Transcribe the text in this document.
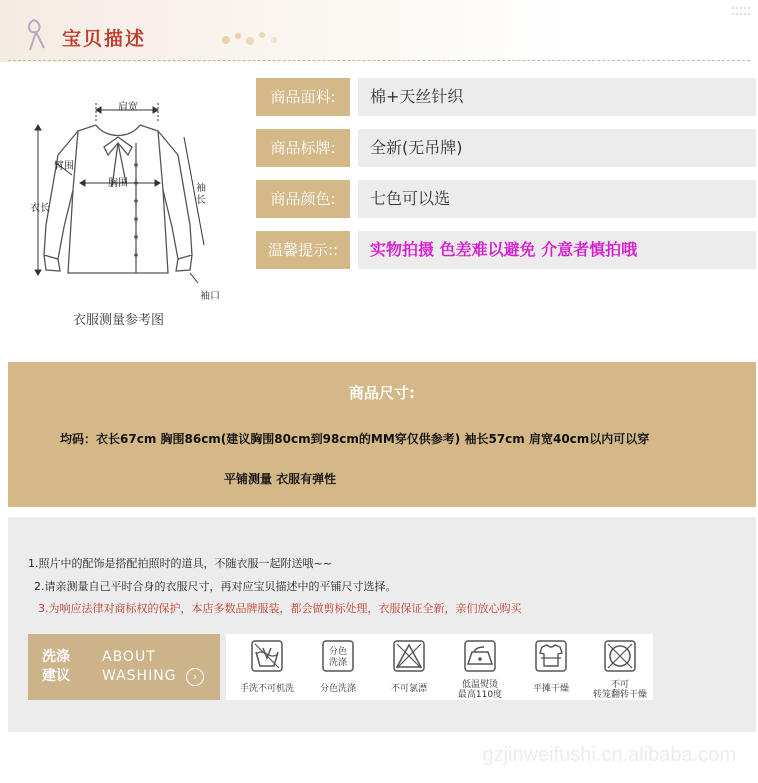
宝贝描述
肩宽
臂围
胸围
衣长
袖长
袖口
衣服测量参考图
商品面料:	棉+天丝针织
商品标牌:	全新(无吊牌)
商品颜色:	七色可以选
温馨提示::	实物拍摄 色差难以避免 介意者慎拍哦
商品尺寸:
均码：衣长67cm 胸围86cm(建议胸围80cm到98cm的MM穿仅供参考) 袖长57cm 肩宽40cm以内可以穿
平铺测量 衣服有弹性
1.照片中的配饰是搭配拍照时的道具，不随衣服一起附送哦~~
2.请亲测量自己平时合身的衣服尺寸，再对应宝贝描述中的平铺尺寸选择。
3.为响应法律对商标权的保护，本店多数品牌服装，都会做剪标处理，衣服保证全新，亲们放心购买
洗涤
建议
ABOUT
WASHING	›
手洗不可机洗
分色
洗涤
分色洗涤	不可氯漂	低温熨烫
最高110度
平摊干燥	不可
转笼翻转干燥
gzjinweifushi.cn.alibaba.com
